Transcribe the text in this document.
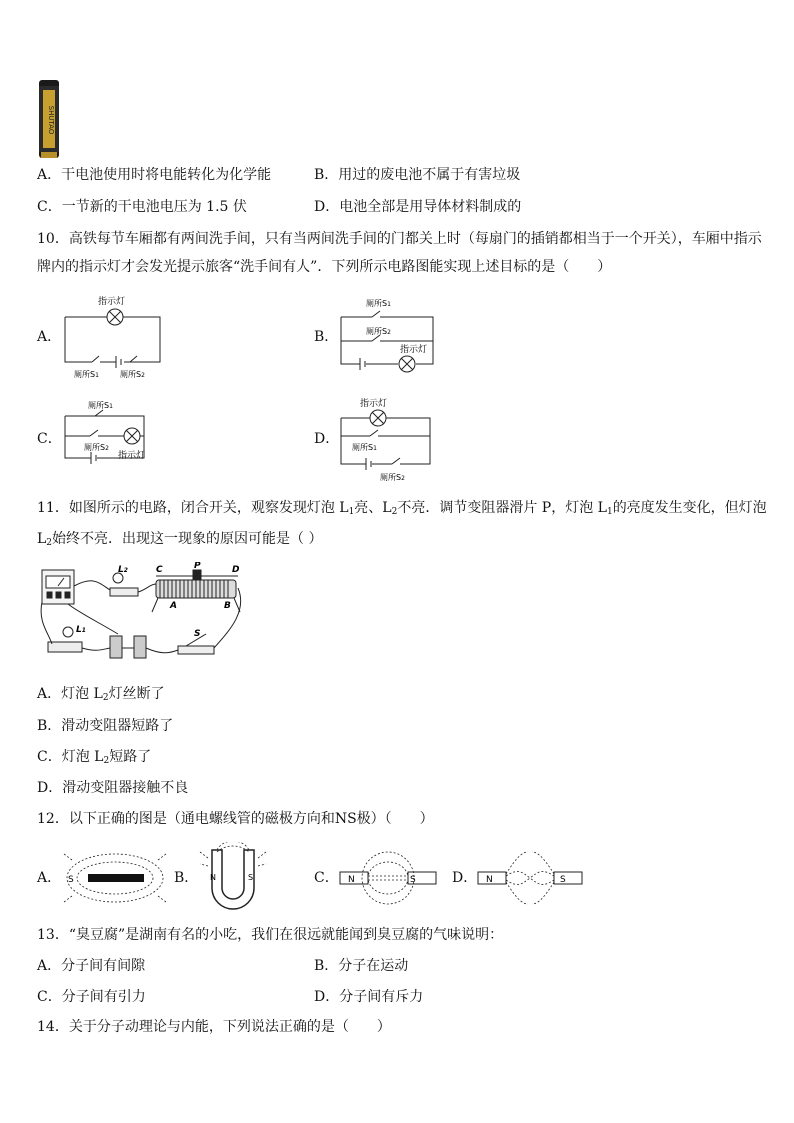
SHUTAO
A．干电池使用时将电能转化为化学能	B．用过的废电池不属于有害垃圾
C．一节新的干电池电压为 1.5 伏	D．电池全部是用导体材料制成的
10．高铁每节车厢都有两间洗手间，只有当两间洗手间的门都关上时（每扇门的插销都相当于一个开关），车厢中指示
牌内的指示灯才会发光提示旅客“洗手间有人”．下列所示电路图能实现上述目标的是（　　）
A．
指示灯
厕所S1	厕所S2
B．
厕所S1
厕所S2
指示灯
C．
厕所S1
厕所S2
指示灯
D．
指示灯
厕所S1
厕所S2
11．如图所示的电路，闭合开关，观察发现灯泡 $L_1$亮、$L_2$不亮．调节变阻器滑片 P，灯泡 $L_1$的亮度发生变化，但灯泡
$L_2$始终不亮．出现这一现象的原因可能是（ ）
L2	C	P	D
A	B
L1	S
A．灯泡 $L_2$灯丝断了
B．滑动变阻器短路了
C．灯泡 $L_2$短路了
D．滑动变阻器接触不良
12．以下正确的图是（通电螺线管的磁极方向和NS极）（　　）
A． S	B． N	S	C． N	S	D． N	S
13．“臭豆腐”是湖南有名的小吃，我们在很远就能闻到臭豆腐的气味说明：
A．分子间有间隙	B．分子在运动
C．分子间有引力	D．分子间有斥力
14．关于分子动理论与内能，下列说法正确的是（　　）
